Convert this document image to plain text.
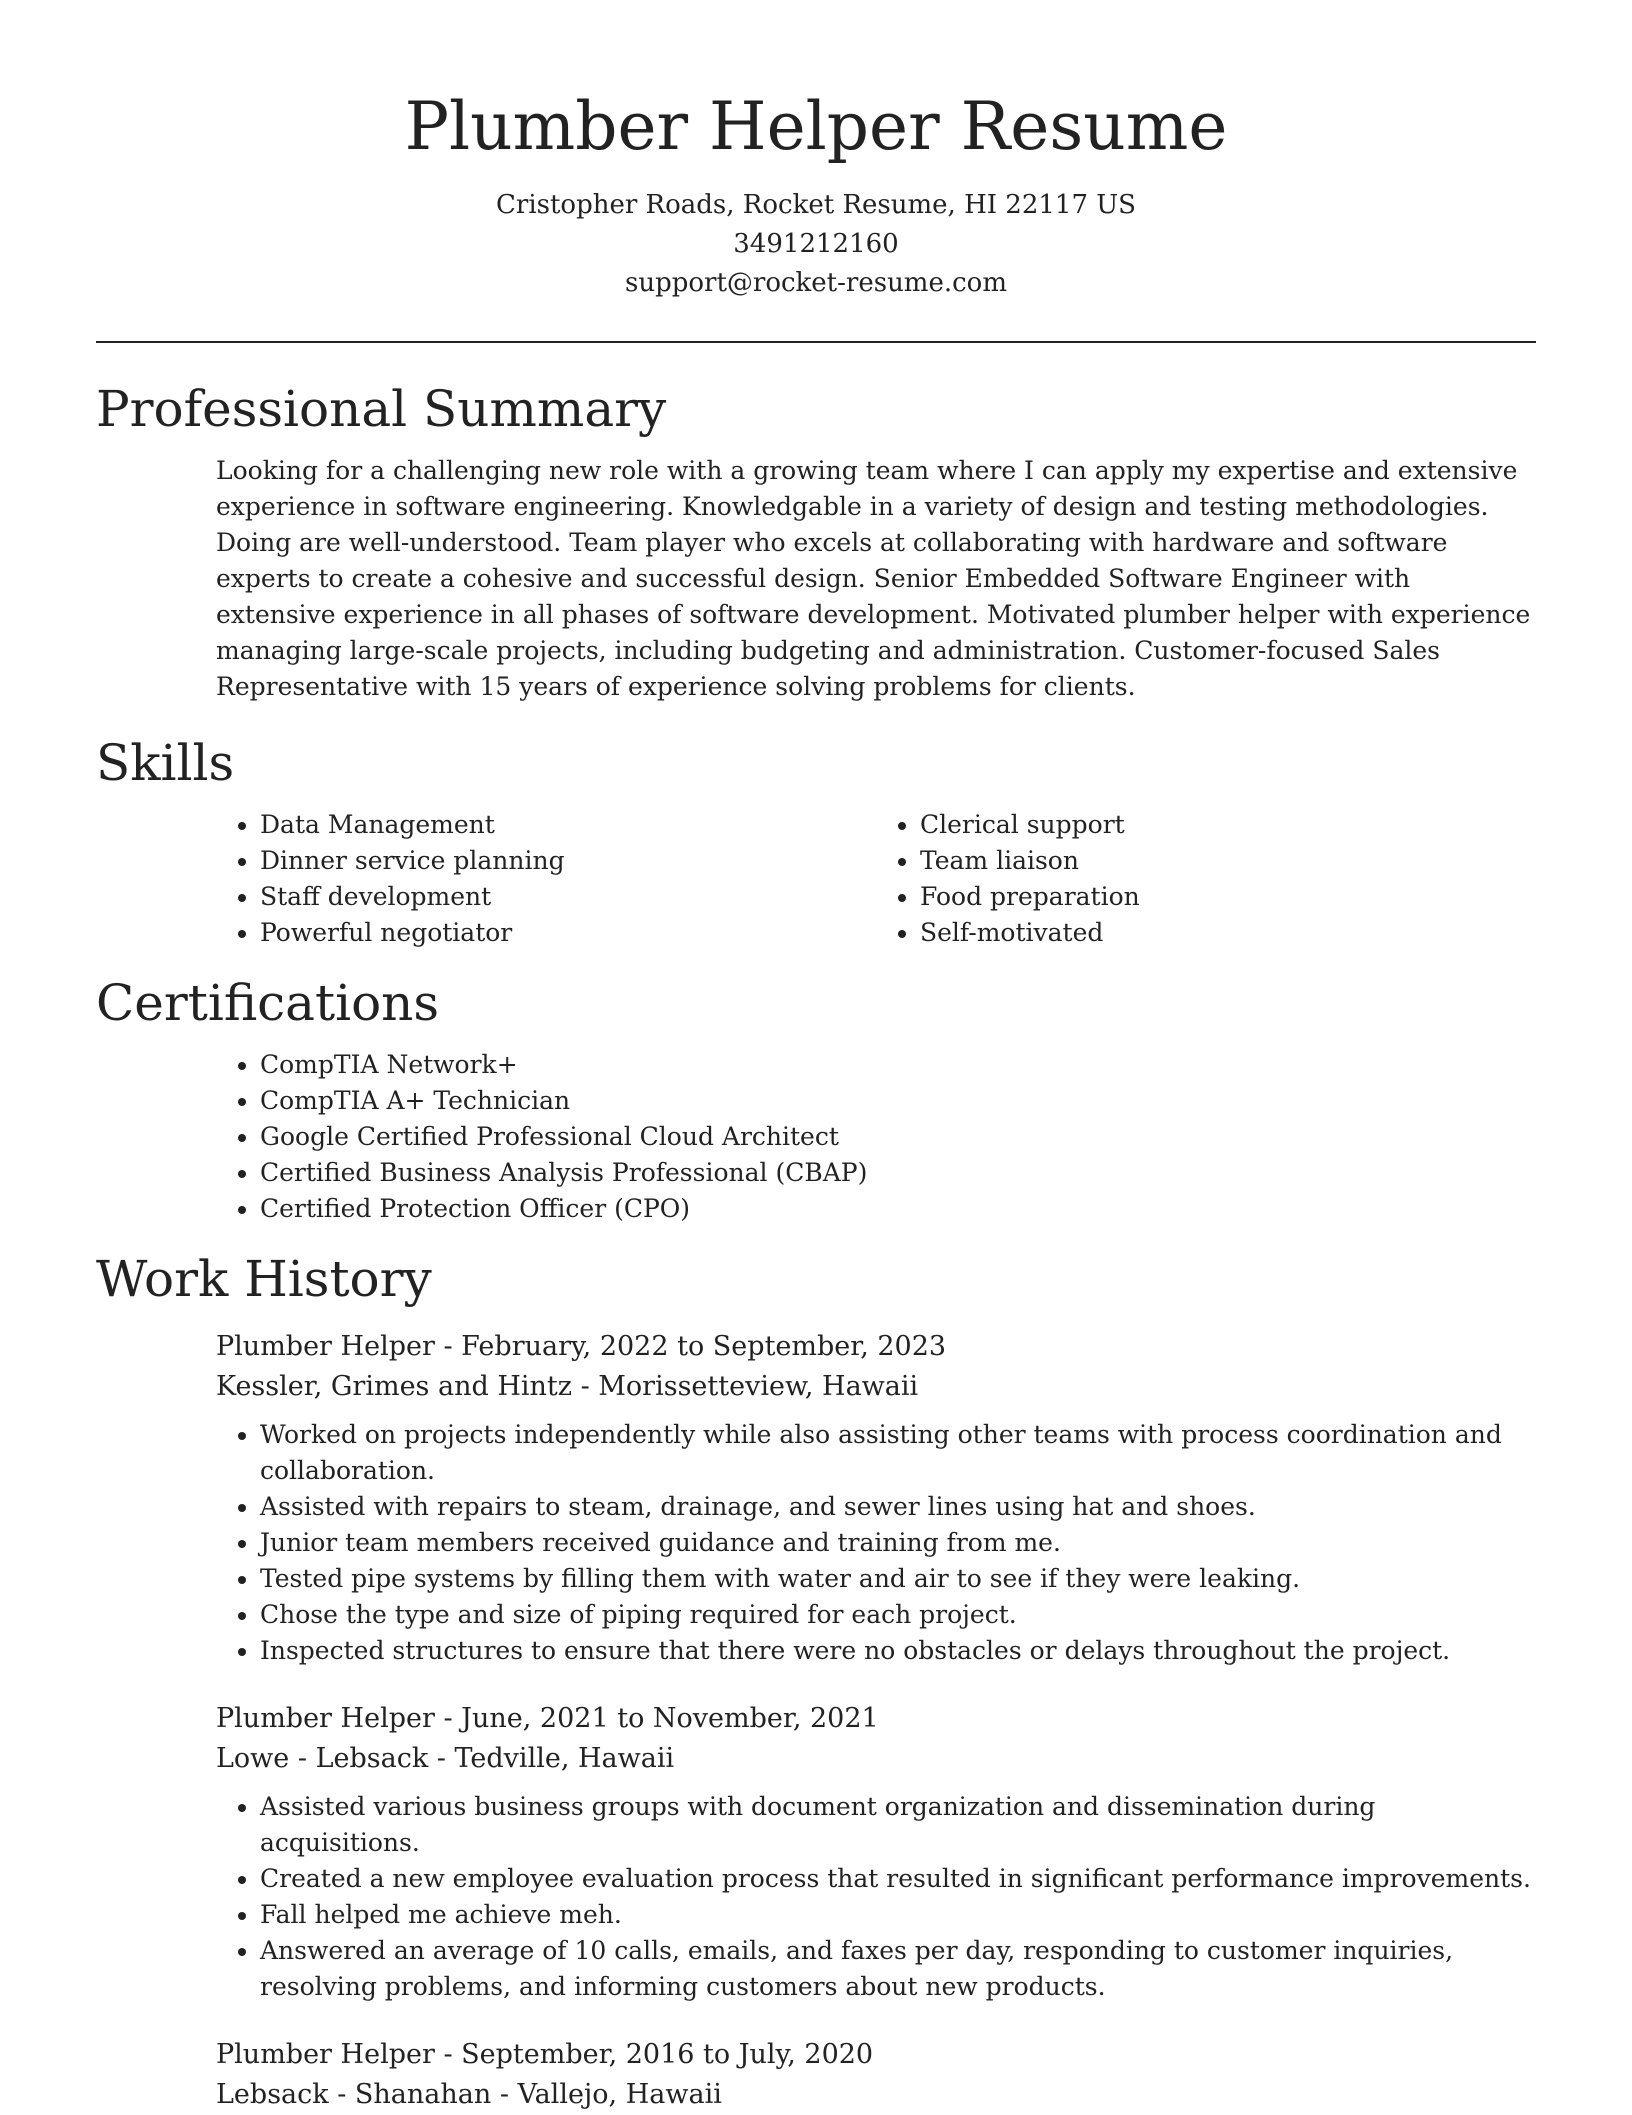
Plumber Helper Resume
Cristopher Roads, Rocket Resume, HI 22117 US
3491212160
support@rocket-resume.com
Professional Summary
Looking for a challenging new role with a growing team where I can apply my expertise and extensive experience in software engineering. Knowledgable in a variety of design and testing methodologies. Doing are well-understood. Team player who excels at collaborating with hardware and software experts to create a cohesive and successful design. Senior Embedded Software Engineer with extensive experience in all phases of software development. Motivated plumber helper with experience managing large-scale projects, including budgeting and administration. Customer-focused Sales Representative with 15 years of experience solving problems for clients.
Skills
• Data Management
• Dinner service planning
• Staff development
• Powerful negotiator
• Clerical support
• Team liaison
• Food preparation
• Self-motivated
Certifications
• CompTIA Network+
• CompTIA A+ Technician
• Google Certified Professional Cloud Architect
• Certified Business Analysis Professional (CBAP)
• Certified Protection Officer (CPO)
Work History
Plumber Helper - February, 2022 to September, 2023
Kessler, Grimes and Hintz - Morissetteview, Hawaii
• Worked on projects independently while also assisting other teams with process coordination and collaboration.
• Assisted with repairs to steam, drainage, and sewer lines using hat and shoes.
• Junior team members received guidance and training from me.
• Tested pipe systems by filling them with water and air to see if they were leaking.
• Chose the type and size of piping required for each project.
• Inspected structures to ensure that there were no obstacles or delays throughout the project.
Plumber Helper - June, 2021 to November, 2021
Lowe - Lebsack - Tedville, Hawaii
• Assisted various business groups with document organization and dissemination during acquisitions.
• Created a new employee evaluation process that resulted in significant performance improvements.
• Fall helped me achieve meh.
• Answered an average of 10 calls, emails, and faxes per day, responding to customer inquiries, resolving problems, and informing customers about new products.
Plumber Helper - September, 2016 to July, 2020
Lebsack - Shanahan - Vallejo, Hawaii
